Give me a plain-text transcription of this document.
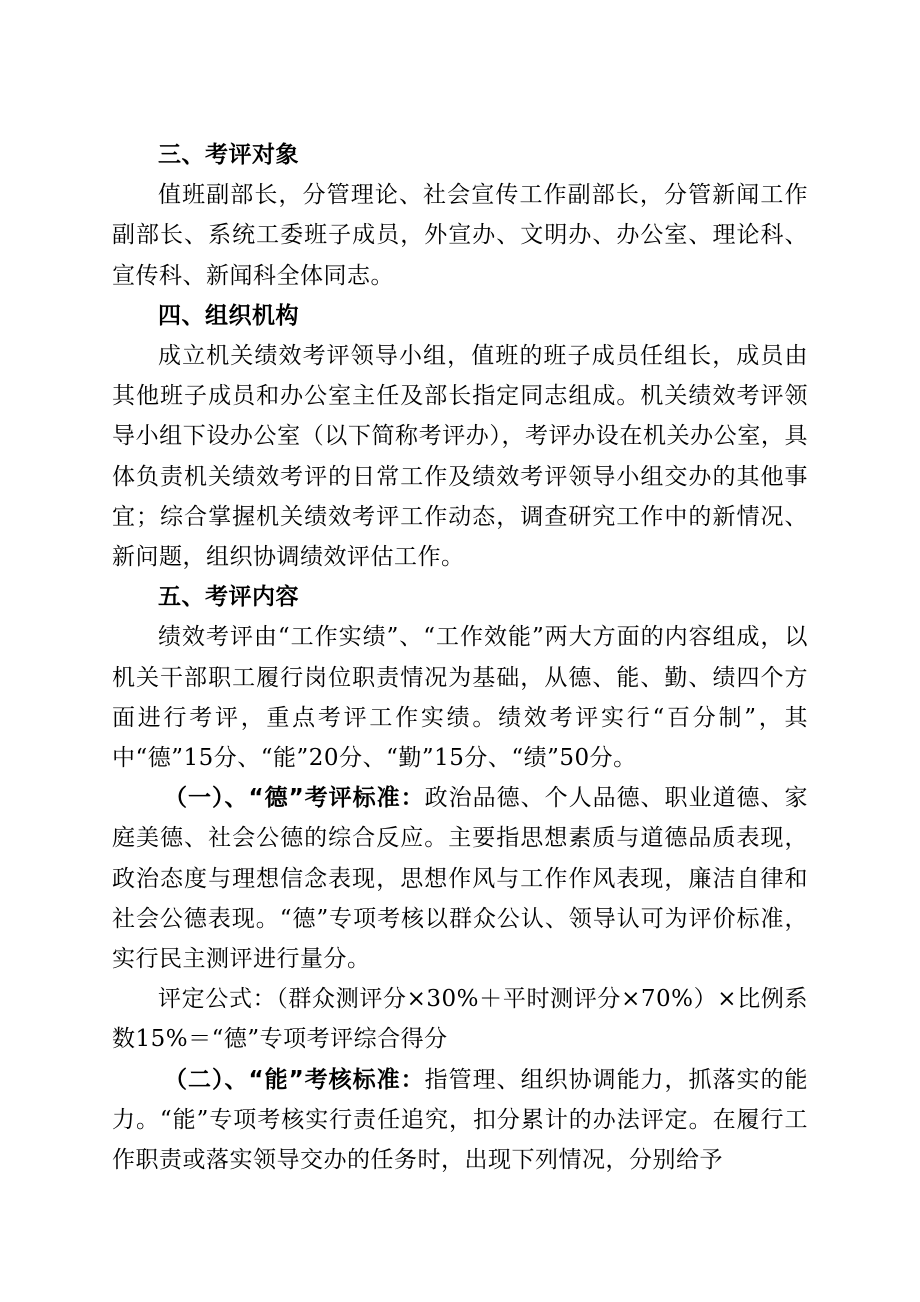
三、考评对象

值班副部长，分管理论、社会宣传工作副部长，分管新闻工作副部长、系统工委班子成员，外宣办、文明办、办公室、理论科、宣传科、新闻科全体同志。

四、组织机构

成立机关绩效考评领导小组，值班的班子成员任组长，成员由其他班子成员和办公室主任及部长指定同志组成。机关绩效考评领导小组下设办公室（以下简称考评办），考评办设在机关办公室，具体负责机关绩效考评的日常工作及绩效考评领导小组交办的其他事宜；综合掌握机关绩效考评工作动态，调查研究工作中的新情况、新问题，组织协调绩效评估工作。

五、考评内容

绩效考评由“工作实绩”、“工作效能”两大方面的内容组成，以机关干部职工履行岗位职责情况为基础，从德、能、勤、绩四个方面进行考评，重点考评工作实绩。绩效考评实行“百分制”，其中“德”15分、“能”20分、“勤”15分、“绩”50分。

（一）、“德”考评标准：政治品德、个人品德、职业道德、家庭美德、社会公德的综合反应。主要指思想素质与道德品质表现，政治态度与理想信念表现，思想作风与工作作风表现，廉洁自律和社会公德表现。“德”专项考核以群众公认、领导认可为评价标准，实行民主测评进行量分。

评定公式：（群众测评分×30%＋平时测评分×70%）×比例系数15%＝“德”专项考评综合得分

（二）、“能”考核标准：指管理、组织协调能力，抓落实的能力。“能”专项考核实行责任追究，扣分累计的办法评定。在履行工作职责或落实领导交办的任务时，出现下列情况，分别给予
